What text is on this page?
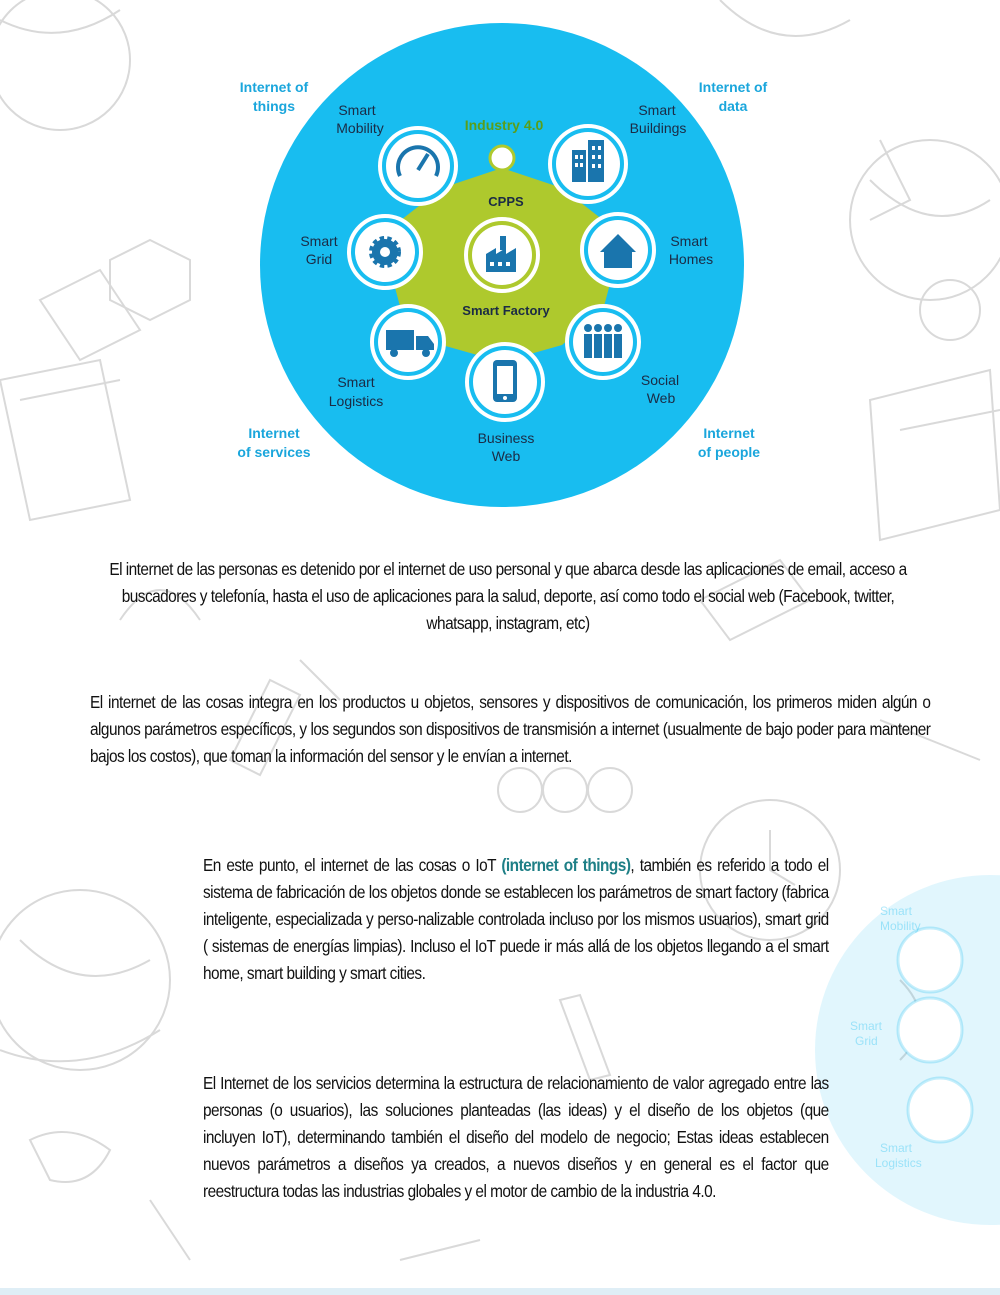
Smart
Mobility
Smart
Grid
Smart
Logistics
Industry 4.0
CPPS
Smart Factory
Smart
Mobility
Smart
Buildings
Smart
Grid
Smart
Homes
Smart
Logistics
Social
Web
Business
Web
Internet of
things
Internet of
data
Internet
of services
Internet
of people

El internet de las personas es detenido por el internet de uso personal y que abarca desde las aplicaciones de email, acceso a buscadores y telefonía, hasta el uso de aplicaciones para la salud, deporte, así como todo el social web (Facebook, twitter, whatsapp, instagram, etc)

El internet de las cosas integra en los productos u objetos, sensores y dispositivos de comunicación, los primeros miden algún o algunos parámetros específicos, y los segundos son dispositivos de transmisión a internet (usualmente de bajo poder para mantener bajos los costos), que toman la información del sensor y le envían a internet.

En este punto, el internet de las cosas o IoT (internet of things), también es referido a todo el sistema de fabricación de los objetos donde se establecen los parámetros de smart factory (fabrica inteligente, especializada y perso-nalizable controlada incluso por los mismos usuarios), smart grid ( sistemas de energías limpias). Incluso el IoT puede ir más allá de los objetos llegando a el smart home, smart building y smart cities.

El Internet de los servicios determina la estructura de relacionamiento de valor agregado entre las personas (o usuarios), las soluciones planteadas (las ideas) y el diseño de los objetos (que incluyen IoT), determinando también el diseño del modelo de negocio; Estas ideas establecen nuevos parámetros a diseños ya creados, a nuevos diseños y en general es el factor que reestructura todas las industrias globales y el motor de cambio de la industria 4.0.
